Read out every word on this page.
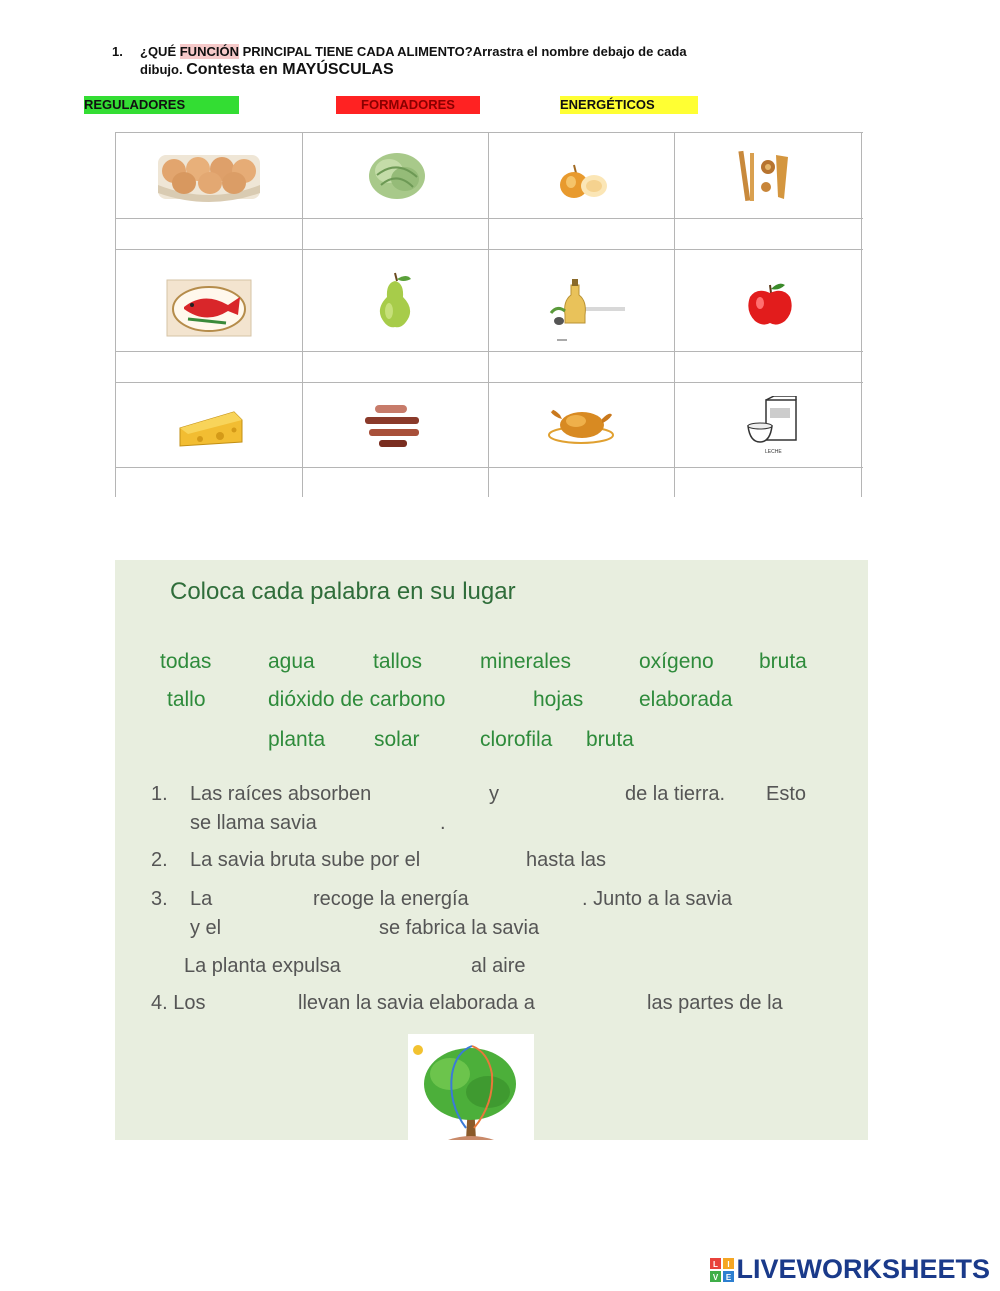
1. ¿QUÉ FUNCIÓN PRINCIPAL TIENE CADA ALIMENTO?Arrastra el nombre debajo de cada
dibujo. Contesta en MAYÚSCULAS
REGULADORES	FORMADORES	ENERGÉTICOS
LECHE
Coloca cada palabra en su lugar
todas	agua	tallos	minerales	oxígeno bruta
tallo	dióxido de carbono	hojas	elaborada
planta solar	clorofila bruta
1. Las raíces absorben	y	de la tierra. Esto
se llama savia	.
2. La savia bruta sube por el	hasta las
3. La	recoge la energía	. Junto a la savia
y el	se fabrica la savia
La planta expulsa	al aire
4. Los	llevan la savia elaborada a	las partes de la
L I
V E LIVEWORKSHEETS
